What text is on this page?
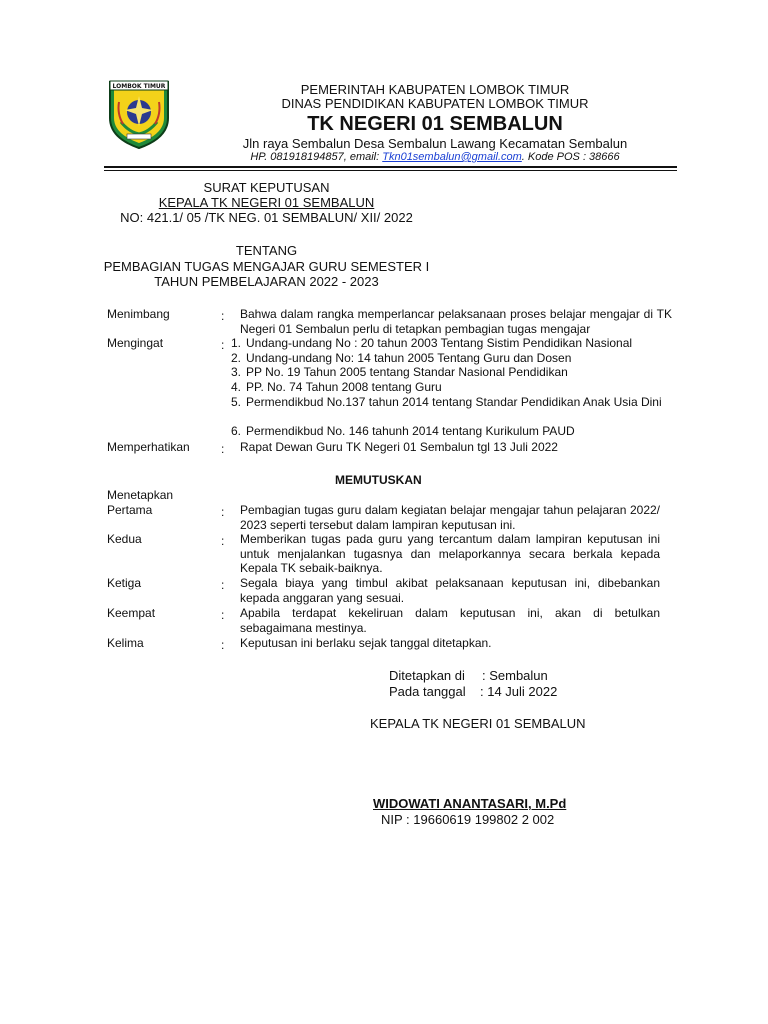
LOMBOK TIMUR	PEMERINTAH KABUPATEN LOMBOK TIMUR
DINAS PENDIDIKAN KABUPATEN LOMBOK TIMUR
TK NEGERI 01 SEMBALUN
Jln raya Sembalun Desa Sembalun Lawang Kecamatan Sembalun
HP. 081918194857, email: Tkn01sembalun@gmail.com. Kode POS : 38666
SURAT KEPUTUSAN
KEPALA TK NEGERI 01 SEMBALUN
NO: 421.1/ 05 /TK NEG. 01 SEMBALUN/ XII/ 2022
TENTANG
PEMBAGIAN TUGAS MENGAJAR GURU SEMESTER I
TAHUN PEMBELAJARAN 2022 - 2023
Menimbang	: Bahwa dalam rangka memperlancar pelaksanaan proses belajar mengajar di TK Negeri 01 Sembalun perlu di tetapkan pembagian tugas mengajar
Mengingat	: 1. Undang-undang No : 20 tahun 2003 Tentang Sistim Pendidikan Nasional
2. Undang-undang No: 14 tahun 2005 Tentang Guru dan Dosen
3. PP No. 19 Tahun 2005 tentang Standar Nasional Pendidikan
4. PP. No. 74 Tahun 2008 tentang Guru
5. Permendikbud No.137 tahun 2014 tentang Standar Pendidikan Anak Usia Dini
6. Permendikbud No. 146 tahunh 2014 tentang Kurikulum PAUD
Memperhatikan	: Rapat Dewan Guru TK Negeri 01 Sembalun tgl 13 Juli 2022
MEMUTUSKAN
Menetapkan
Pertama	: Pembagian tugas guru dalam kegiatan belajar mengajar tahun pelajaran 2022/ 2023 seperti tersebut dalam lampiran keputusan ini.
Kedua	: Memberikan tugas pada guru yang tercantum dalam lampiran keputusan ini untuk menjalankan tugasnya dan melaporkannya secara berkala kepada Kepala TK sebaik-baiknya.
Ketiga	: Segala biaya yang timbul akibat pelaksanaan keputusan ini, dibebankan kepada anggaran yang sesuai.
Keempat	: Apabila terdapat kekeliruan dalam keputusan ini, akan di betulkan sebagaimana mestinya.
Kelima	: Keputusan ini berlaku sejak tanggal ditetapkan.
Ditetapkan di : Sembalun
Pada tanggal : 14 Juli 2022
KEPALA TK NEGERI 01 SEMBALUN
WIDOWATI ANANTASARI, M.Pd
NIP : 19660619 199802 2 002
